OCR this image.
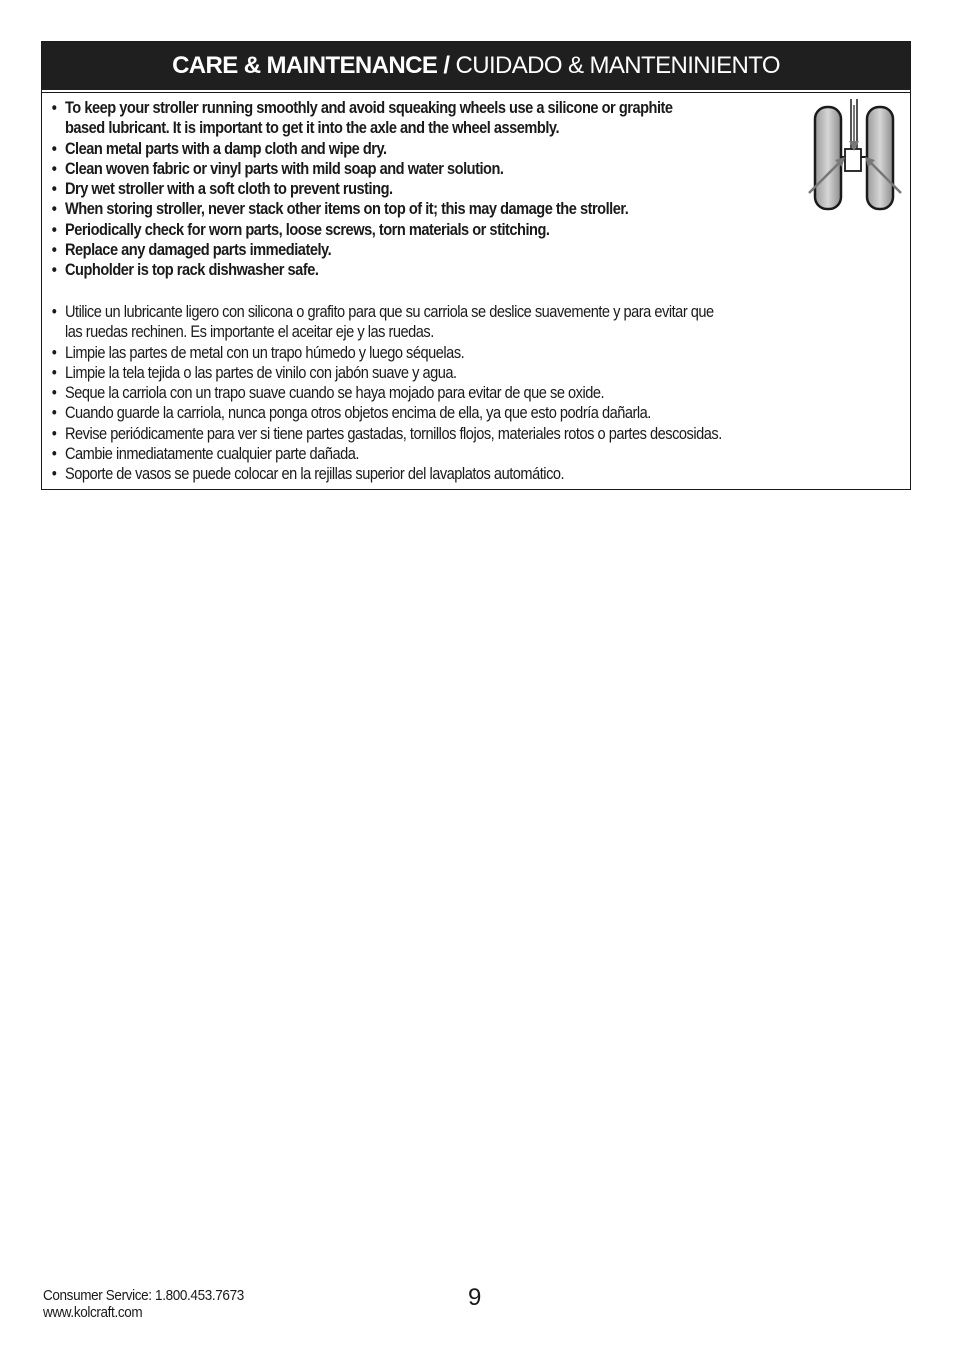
CARE & MAINTENANCE /
CUIDADO & MANTENINIENTO
• To keep your stroller running smoothly and avoid squeaking wheels use a silicone or graphite
based lubricant. It is important to get it into the axle and the wheel assembly.
• Clean metal parts with a damp cloth and wipe dry.
• Clean woven fabric or vinyl parts with mild soap and water solution.
• Dry wet stroller with a soft cloth to prevent rusting.
• When storing stroller, never stack other items on top of it; this may damage the stroller.
• Periodically check for worn parts, loose screws, torn materials or stitching.
• Replace any damaged parts immediately.
• Cupholder is top rack dishwasher safe.
• Utilice un lubricante ligero con silicona o grafito para que su carriola se deslice suavemente y para evitar que
las ruedas rechinen. Es importante el aceitar eje y las ruedas.
• Limpie las partes de metal con un trapo húmedo y luego séquelas.
• Limpie la tela tejida o las partes de vinilo con jabón suave y agua.
• Seque la carriola con un trapo suave cuando se haya mojado para evitar de que se oxide.
• Cuando guarde la carriola, nunca ponga otros objetos encima de ella, ya que esto podría dañarla.
• Revise periódicamente para ver si tiene partes gastadas, tornillos flojos, materiales rotos o partes descosidas.
• Cambie inmediatamente cualquier parte dañada.
• Soporte de vasos se puede colocar en la rejillas superior del lavaplatos automático.
Consumer Service: 1.800.453.7673
www.kolcraft.com
9
